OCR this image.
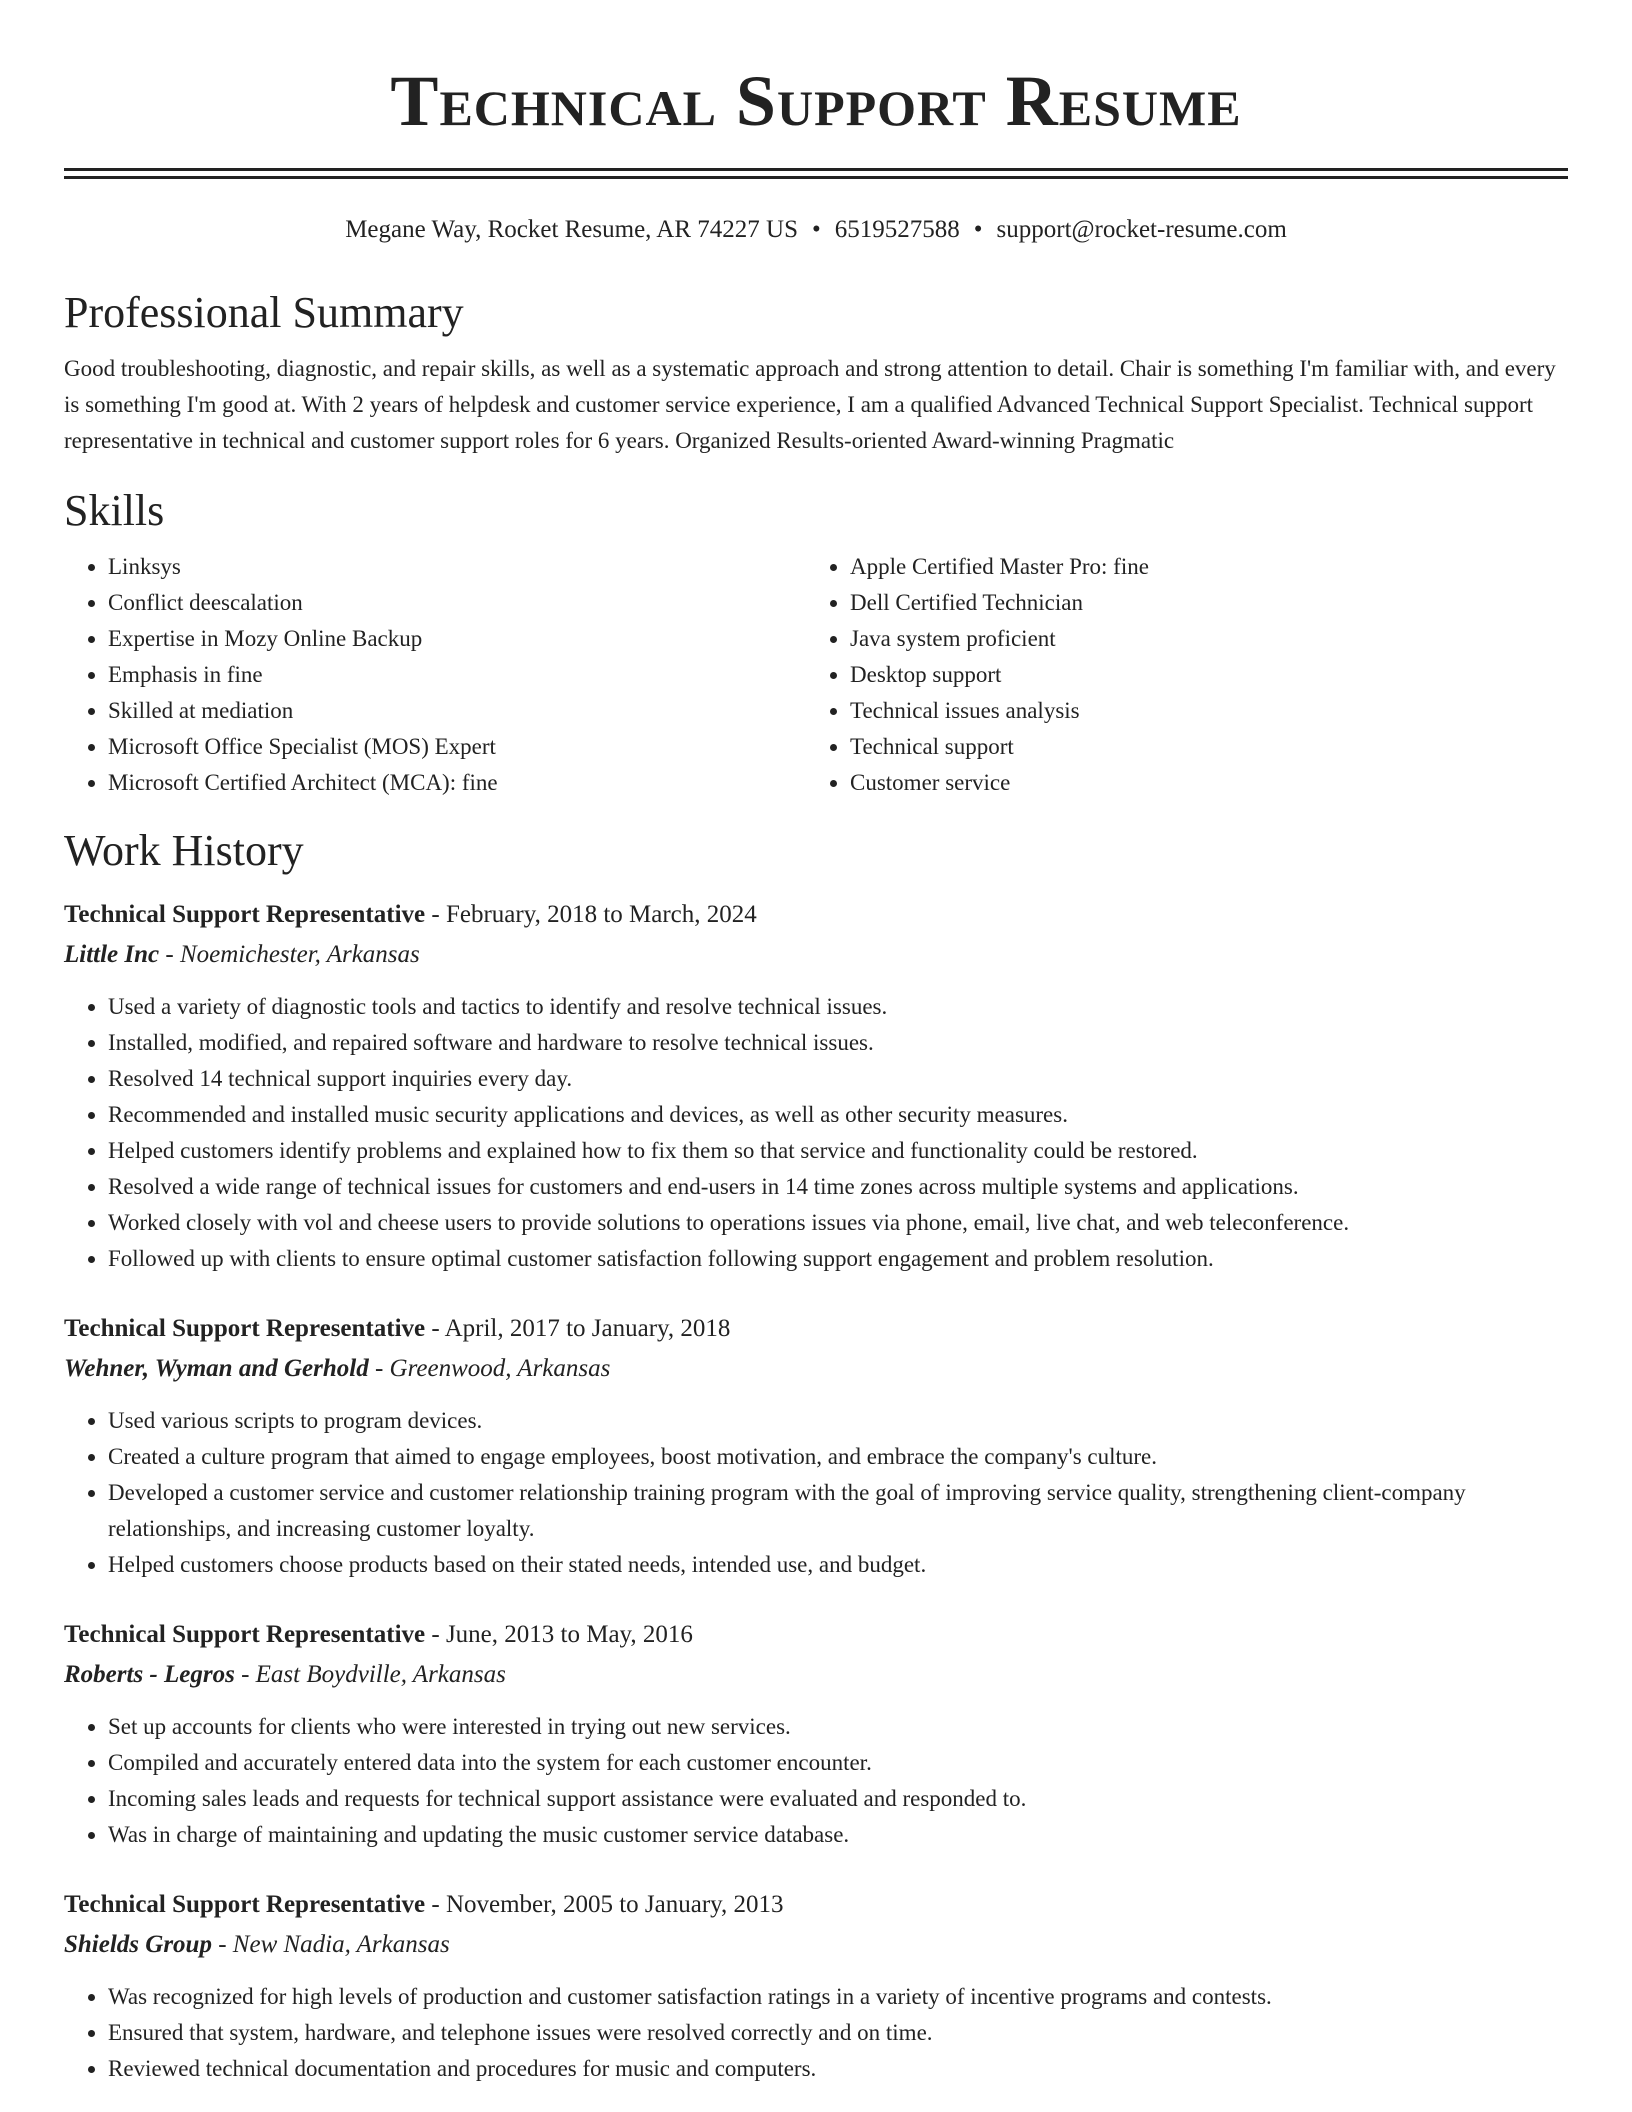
Technical Support Resume
Megane Way, Rocket Resume, AR 74227 US • 6519527588 • support@rocket-resume.com
Professional Summary

Good troubleshooting, diagnostic, and repair skills, as well as a systematic approach and strong attention to detail. Chair is something I'm familiar with, and every is something I'm good at. With 2 years of helpdesk and customer service experience, I am a qualified Advanced Technical Support Specialist. Technical support representative in technical and customer support roles for 6 years. Organized Results-oriented Award-winning Pragmatic

Skills
• Linksys
• Conflict deescalation
• Expertise in Mozy Online Backup
• Emphasis in fine
• Skilled at mediation
• Microsoft Office Specialist (MOS) Expert
• Microsoft Certified Architect (MCA): fine
• Apple Certified Master Pro: fine
• Dell Certified Technician
• Java system proficient
• Desktop support
• Technical issues analysis
• Technical support
• Customer service
Work History
Technical Support Representative - February, 2018 to March, 2024
Little Inc - Noemichester, Arkansas
• Used a variety of diagnostic tools and tactics to identify and resolve technical issues.
• Installed, modified, and repaired software and hardware to resolve technical issues.
• Resolved 14 technical support inquiries every day.
• Recommended and installed music security applications and devices, as well as other security measures.
• Helped customers identify problems and explained how to fix them so that service and functionality could be restored.
• Resolved a wide range of technical issues for customers and end-users in 14 time zones across multiple systems and applications.
• Worked closely with vol and cheese users to provide solutions to operations issues via phone, email, live chat, and web teleconference.
• Followed up with clients to ensure optimal customer satisfaction following support engagement and problem resolution.
Technical Support Representative - April, 2017 to January, 2018
Wehner, Wyman and Gerhold - Greenwood, Arkansas
• Used various scripts to program devices.
• Created a culture program that aimed to engage employees, boost motivation, and embrace the company's culture.
• Developed a customer service and customer relationship training program with the goal of improving service quality, strengthening client-company relationships, and increasing customer loyalty.
• Helped customers choose products based on their stated needs, intended use, and budget.
Technical Support Representative - June, 2013 to May, 2016
Roberts - Legros - East Boydville, Arkansas
• Set up accounts for clients who were interested in trying out new services.
• Compiled and accurately entered data into the system for each customer encounter.
• Incoming sales leads and requests for technical support assistance were evaluated and responded to.
• Was in charge of maintaining and updating the music customer service database.
Technical Support Representative - November, 2005 to January, 2013
Shields Group - New Nadia, Arkansas
• Was recognized for high levels of production and customer satisfaction ratings in a variety of incentive programs and contests.
• Ensured that system, hardware, and telephone issues were resolved correctly and on time.
• Reviewed technical documentation and procedures for music and computers.
